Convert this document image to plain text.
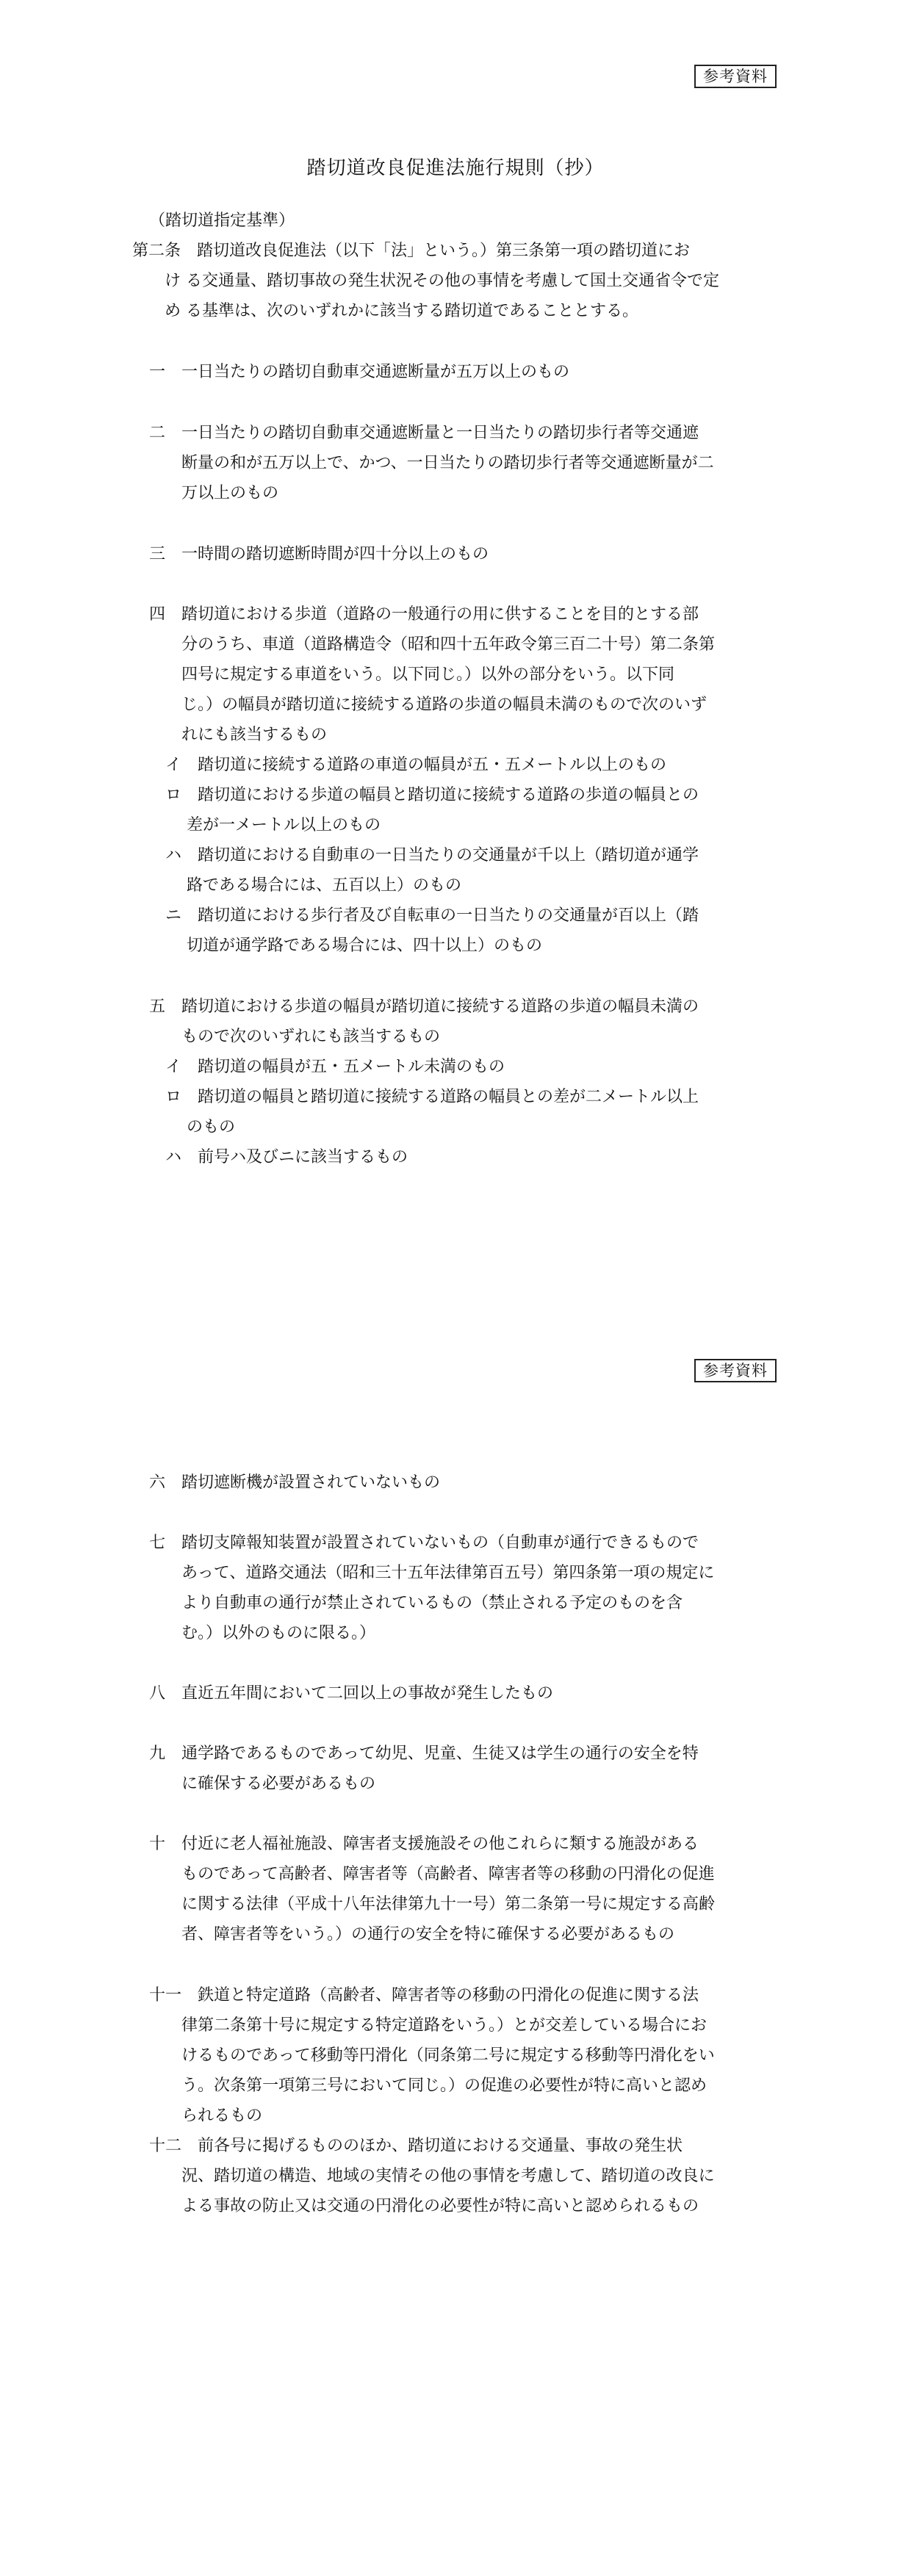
参考資料
踏切道改良促進法施行規則（抄）
（踏切道指定基準）
第二条　踏切道改良促進法（以下「法」という。）第三条第一項の踏切道にお
　　け る交通量、踏切事故の発生状況その他の事情を考慮して国土交通省令で定
　　め る基準は、次のいずれかに該当する踏切道であることとする。
一　一日当たりの踏切自動車交通遮断量が五万以上のもの
二　一日当たりの踏切自動車交通遮断量と一日当たりの踏切歩行者等交通遮
　　断量の和が五万以上で、かつ、一日当たりの踏切歩行者等交通遮断量が二
　　万以上のもの
三　一時間の踏切遮断時間が四十分以上のもの
四　踏切道における歩道（道路の一般通行の用に供することを目的とする部
　　分のうち、車道（道路構造令（昭和四十五年政令第三百二十号）第二条第
　　四号に規定する車道をいう。以下同じ。）以外の部分をいう。以下同
　　じ。）の幅員が踏切道に接続する道路の歩道の幅員未満のもので次のいず
　　れにも該当するもの
　イ　踏切道に接続する道路の車道の幅員が五・五メートル以上のもの
　ロ　踏切道における歩道の幅員と踏切道に接続する道路の歩道の幅員との
　　 差が一メートル以上のもの
　ハ　踏切道における自動車の一日当たりの交通量が千以上（踏切道が通学
　　 路である場合には、五百以上）のもの
　ニ　踏切道における歩行者及び自転車の一日当たりの交通量が百以上（踏
　　 切道が通学路である場合には、四十以上）のもの
五　踏切道における歩道の幅員が踏切道に接続する道路の歩道の幅員未満の
　　もので次のいずれにも該当するもの
　イ　踏切道の幅員が五・五メートル未満のもの
　ロ　踏切道の幅員と踏切道に接続する道路の幅員との差が二メートル以上
　　 のもの
　ハ　前号ハ及びニに該当するもの
参考資料
六　踏切遮断機が設置されていないもの
七　踏切支障報知装置が設置されていないもの（自動車が通行できるもので
　　あって、道路交通法（昭和三十五年法律第百五号）第四条第一項の規定に
　　より自動車の通行が禁止されているもの（禁止される予定のものを含
　　む。）以外のものに限る。）
八　直近五年間において二回以上の事故が発生したもの
九　通学路であるものであって幼児、児童、生徒又は学生の通行の安全を特
　　に確保する必要があるもの
十　付近に老人福祉施設、障害者支援施設その他これらに類する施設がある
　　ものであって高齢者、障害者等（高齢者、障害者等の移動の円滑化の促進
　　に関する法律（平成十八年法律第九十一号）第二条第一号に規定する高齢
　　者、障害者等をいう。）の通行の安全を特に確保する必要があるもの
十一　鉄道と特定道路（高齢者、障害者等の移動の円滑化の促進に関する法
　　律第二条第十号に規定する特定道路をいう。）とが交差している場合にお
　　けるものであって移動等円滑化（同条第二号に規定する移動等円滑化をい
　　う。次条第一項第三号において同じ。）の促進の必要性が特に高いと認め
　　られるもの
十二　前各号に掲げるもののほか、踏切道における交通量、事故の発生状
　　況、踏切道の構造、地域の実情その他の事情を考慮して、踏切道の改良に
　　よる事故の防止又は交通の円滑化の必要性が特に高いと認められるもの
